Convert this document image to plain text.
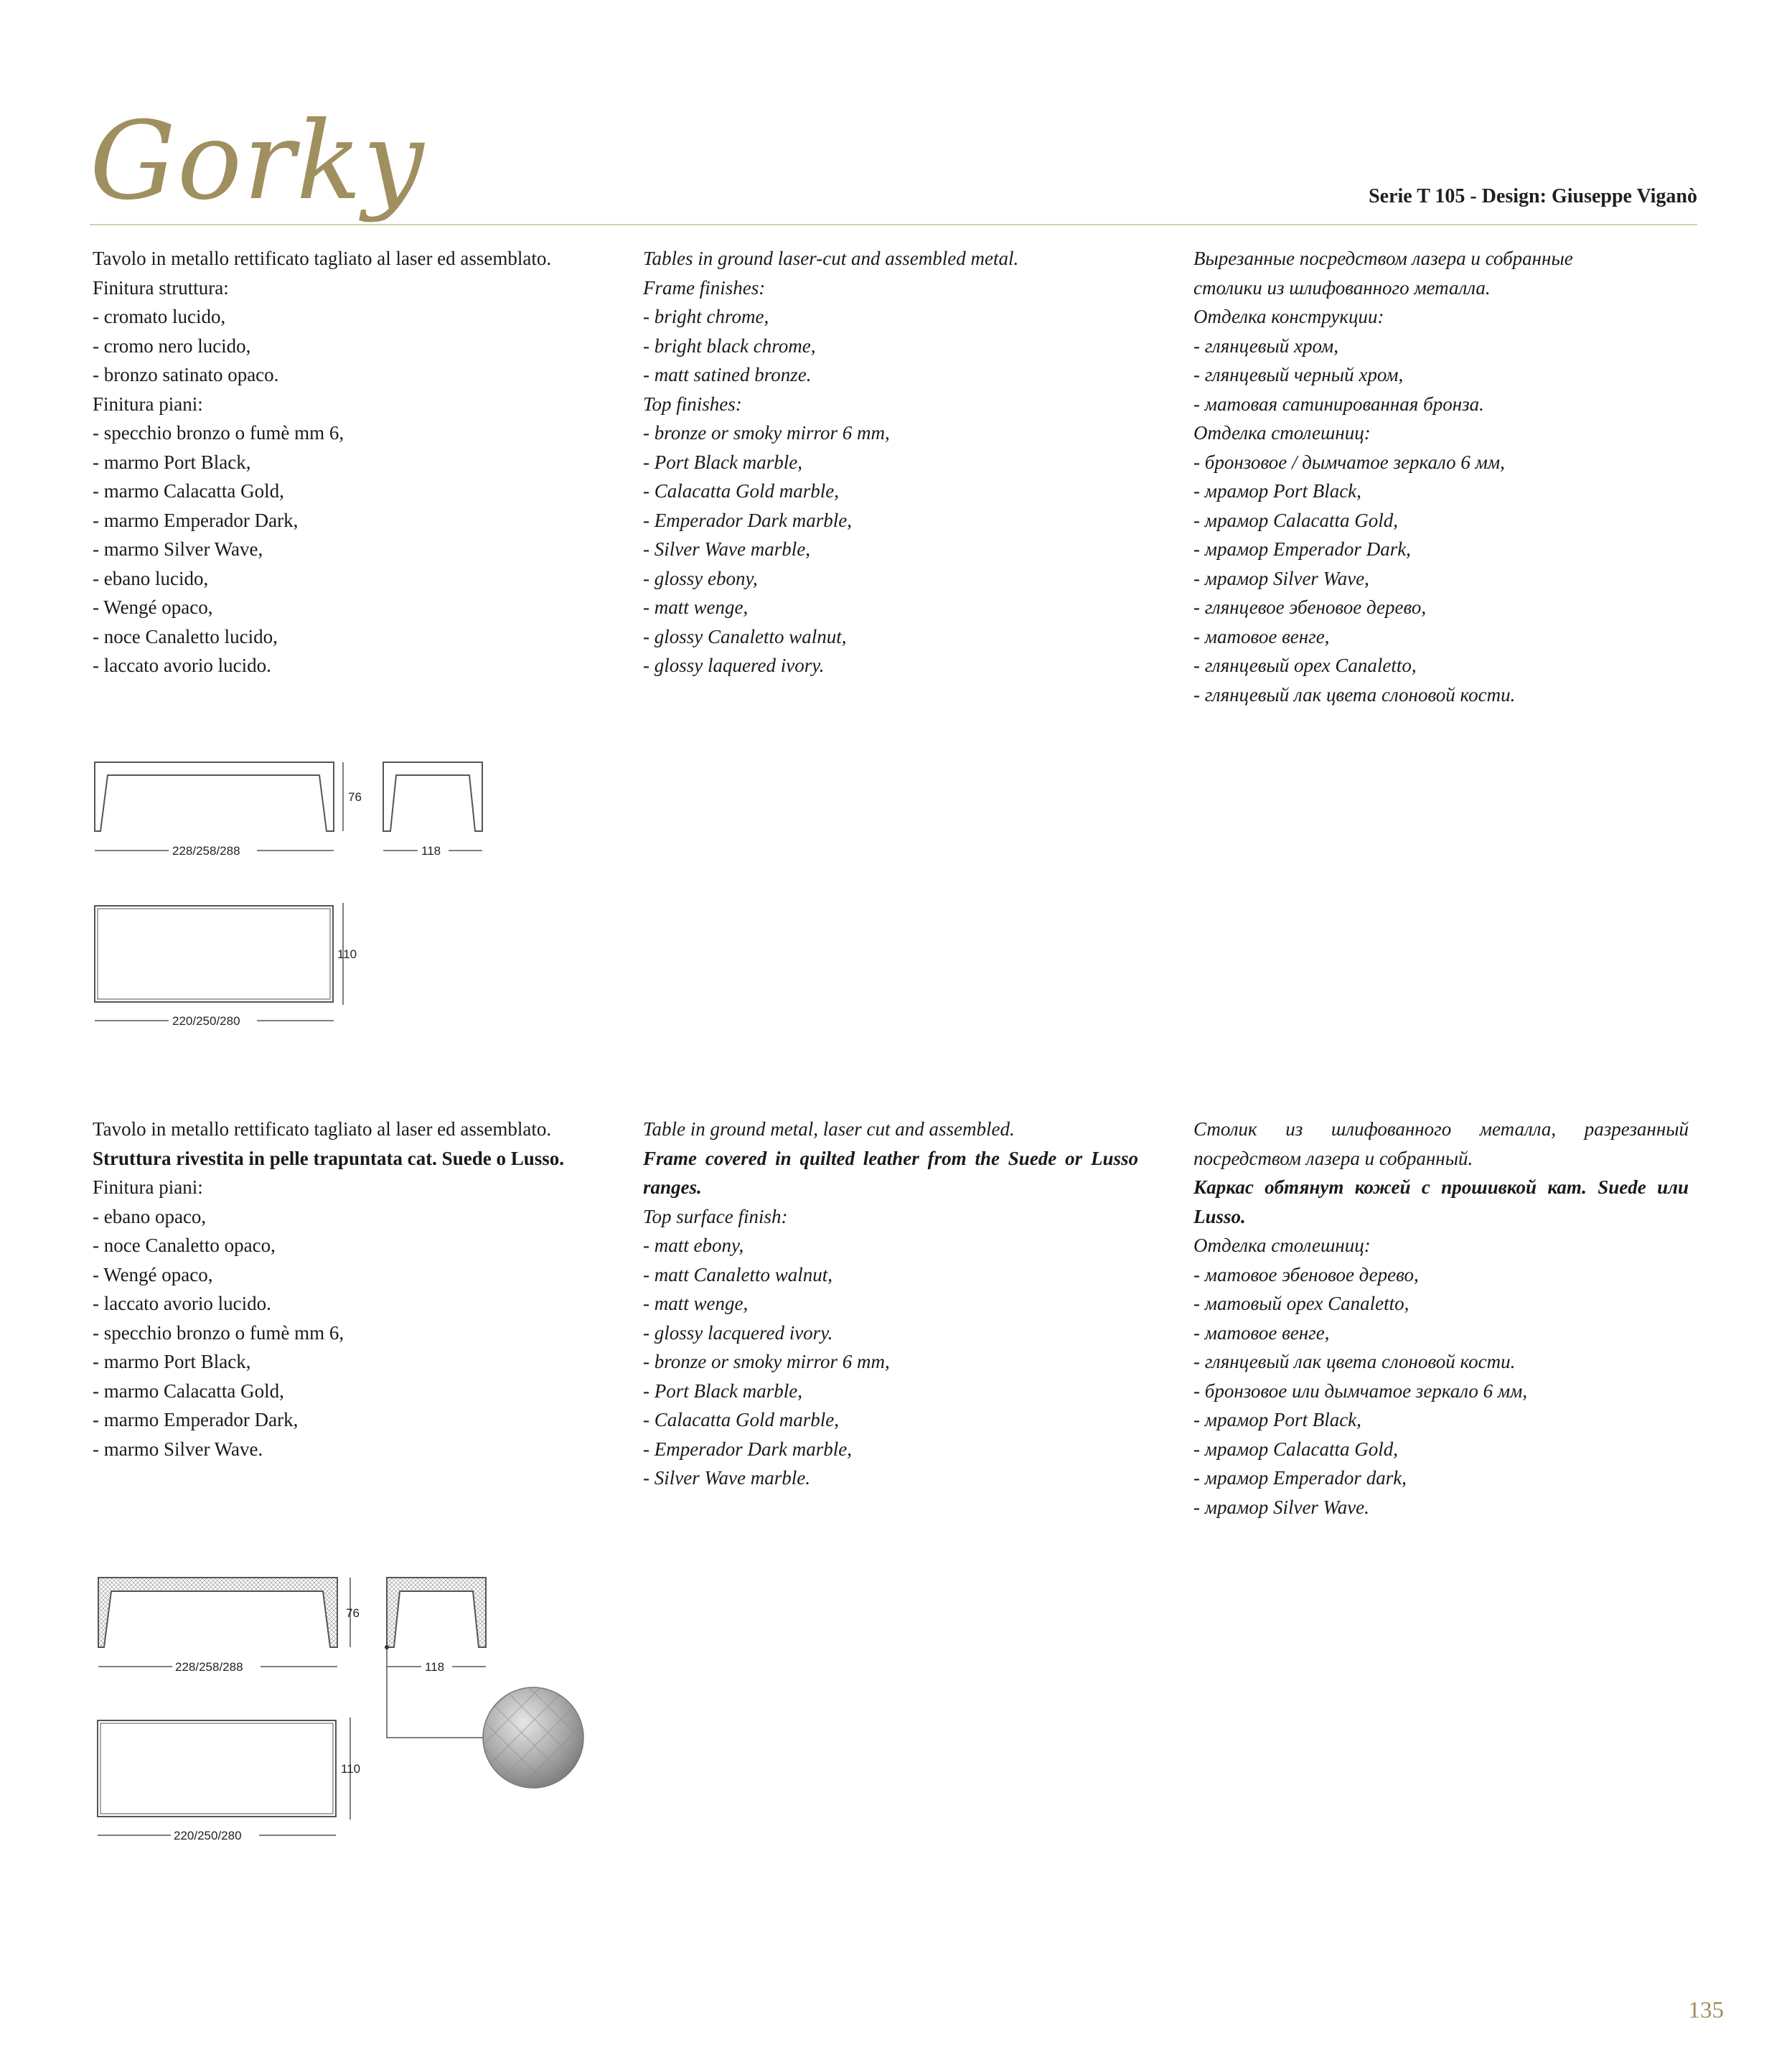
Gorky	Serie T 105 - Design: Giuseppe Viganò
Tavolo in metallo rettificato tagliato al laser ed assemblato.
Finitura struttura:
- cromato lucido,
- cromo nero lucido,
- bronzo satinato opaco.
Finitura piani:
- specchio bronzo o fumè mm 6,
- marmo Port Black,
- marmo Calacatta Gold,
- marmo Emperador Dark,
- marmo Silver Wave,
- ebano lucido,
- Wengé opaco,
- noce Canaletto lucido,
- laccato avorio lucido.
Tables in ground laser-cut and assembled metal.
Frame finishes:
- bright chrome,
- bright black chrome,
- matt satined bronze.
Top finishes:
- bronze or smoky mirror 6 mm,
- Port Black marble,
- Calacatta Gold marble,
- Emperador Dark marble,
- Silver Wave marble,
- glossy ebony,
- matt wenge,
- glossy Canaletto walnut,
- glossy laquered ivory.
Вырезанные посредством лазера и собранные
столики из шлифованного металла.
Отделка конструкции:
- глянцевый хром,
- глянцевый черный хром,
- матовая сатинированная бронза.
Отделка столешниц:
- бронзовое / дымчатое зеркало 6 мм,
- мрамор Port Black,
- мрамор Calacatta Gold,
- мрамор Emperador Dark,
- мрамор Silver Wave,
- глянцевое эбеновое дерево,
- матовое венге,
- глянцевый орех Canaletto,
- глянцевый лак цвета слоновой кости.
76
228/258/288	118
110
220/250/280
Tavolo in metallo rettificato tagliato al laser ed assemblato.
Struttura rivestita in pelle trapuntata cat. Suede o Lusso.
Finitura piani:
- ebano opaco,
- noce Canaletto opaco,
- Wengé opaco,
- laccato avorio lucido.
- specchio bronzo o fumè mm 6,
- marmo Port Black,
- marmo Calacatta Gold,
- marmo Emperador Dark,
- marmo Silver Wave.
Table in ground metal, laser cut and assembled.
Frame covered in quilted leather from the Suede or Lusso ranges.
Top surface finish:
- matt ebony,
- matt Canaletto walnut,
- matt wenge,
- glossy lacquered ivory.
- bronze or smoky mirror 6 mm,
- Port Black marble,
- Calacatta Gold marble,
- Emperador Dark marble,
- Silver Wave marble.
Столик из шлифованного металла, разрезанный посредством лазера и собранный.
Каркас обтянут кожей с прошивкой кат. Suede или Lusso.
Отделка столешниц:
- матовое эбеновое дерево,
- матовый орех Canaletto,
- матовое венге,
- глянцевый лак цвета слоновой кости.
- бронзовое или дымчатое зеркало 6 мм,
- мрамор Port Black,
- мрамор Calacatta Gold,
- мрамор Emperador dark,
- мрамор Silver Wave.
76
228/258/288	118
110
220/250/280
135
